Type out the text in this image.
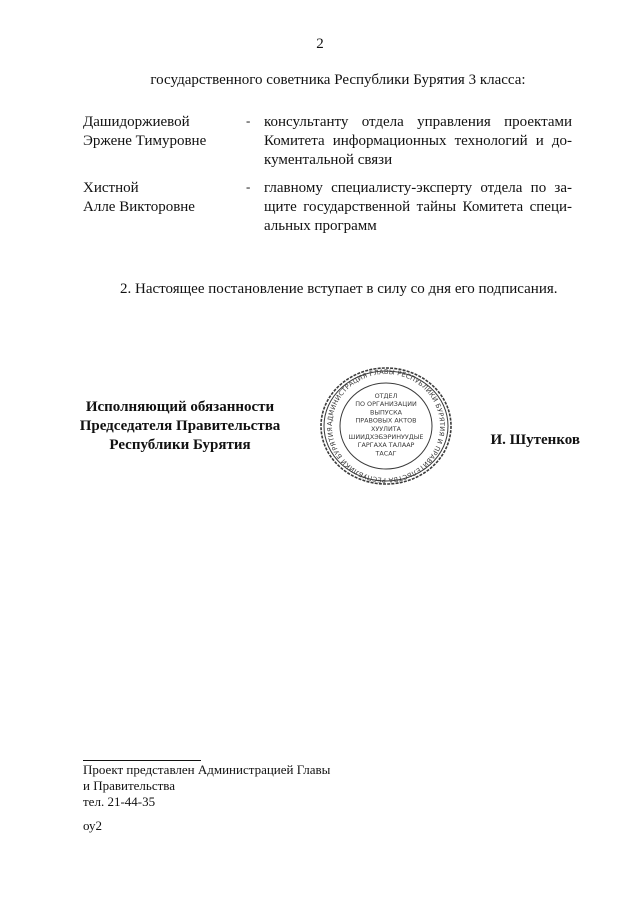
2
государственного советника Республики Бурятия 3 класса:
Дашидоржиевой
Эржене Тимуровне
- консультанту отдела управления проектами
Комитета информационных технологий и до-
кументальной связи
Хистной
Алле Викторовне
- главному специалисту-эксперту отдела по за-
щите государственной тайны Комитета специ-
альных программ
2. Настоящее постановление вступает в силу со дня его подписания.
Исполняющий обязанности
Председателя Правительства
Республики Бурятия
АДМИНИСТРАЦИЯ ГЛАВЫ РЕСПУБЛИКИ БУРЯТИЯ И ПРАВИТЕЛЬСТВА РЕСПУБЛИКИ БУРЯТИЯ
ОТДЕЛ
ПО ОРГАНИЗАЦИИ
ВЫПУСКА
ПРАВОВЫХ АКТОВ
ХУУЛИТА
ШИИДХЭБЭРИНУУДЫЕ
ГАРГАХА ТАЛААР
ТАСАГ
И. Шутенков
Проект представлен Администрацией Главы
и Правительства
тел. 21-44-35
оу2
